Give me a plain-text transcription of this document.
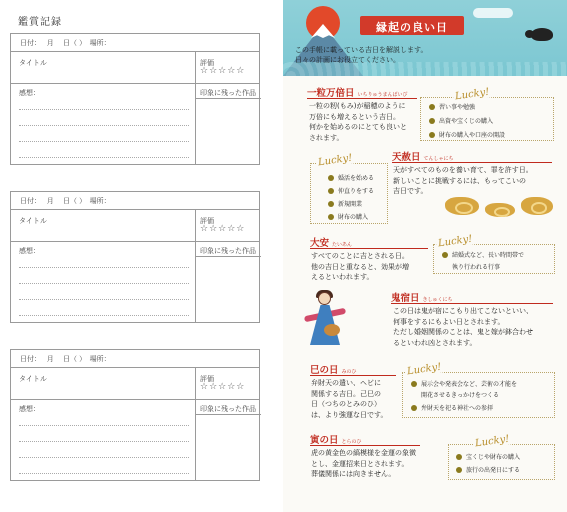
鑑賞記録
日付：　 月　 日（ ）　場所：
タイトル	評価
☆☆☆☆☆
感想：	印象に残った作品
日付：　 月　 日（ ）　場所：
タイトル	評価
☆☆☆☆☆
感想：	印象に残った作品
日付：　 月　 日（ ）　場所：
タイトル	評価
☆☆☆☆☆
感想：	印象に残った作品
縁起の良い日
この手帳に載っている吉日を解説します。
日々の計画にお役立てください。
一粒万倍日 いちりゅうまんばいび
一粒の籾(もみ)が稲穂のように
万倍にも増えるという吉日。
何かを始めるのにとても良いと
されます。
Lucky!
習い事や勉強
出資や宝くじの購入
財布の購入や口座の開設
天赦日 てんしゃにち
天がすべてのものを養い育て、罪を許す日。
新しいことに挑戦するには、もってこいの
吉日です。
Lucky!
婚活を始める
仲直りをする
新規開業
財布の購入
大安 たいあん
すべてのことに吉とされる日。
他の吉日と重なると、効果が増
えるといわれます。
Lucky!
結婚式など、長い時間帯で
執り行われる行事
鬼宿日 きしゅくにち
この日は鬼が宿にこもり出てこないといい、
何事をするにもよい日とされます。
ただし婚姻関係のことは、鬼と嫁が鉢合わせ
るといわれ凶とされます。
巳の日 みのひ
弁財天の遣い、ヘビに
関係する吉日。己巳の
日（つちのとみのひ）
は、より強運な日です。
Lucky!
展示会や発表会など、芸術の才能を
開花させるきっかけをつくる
弁財天を祀る神社への参拝
寅の日 とらのひ
虎の黄金色の縞模様を金運の象徴
とし、金運招来日とされます。
葬儀関係には向きません。
Lucky!
宝くじや財布の購入
旅行の出発日にする
